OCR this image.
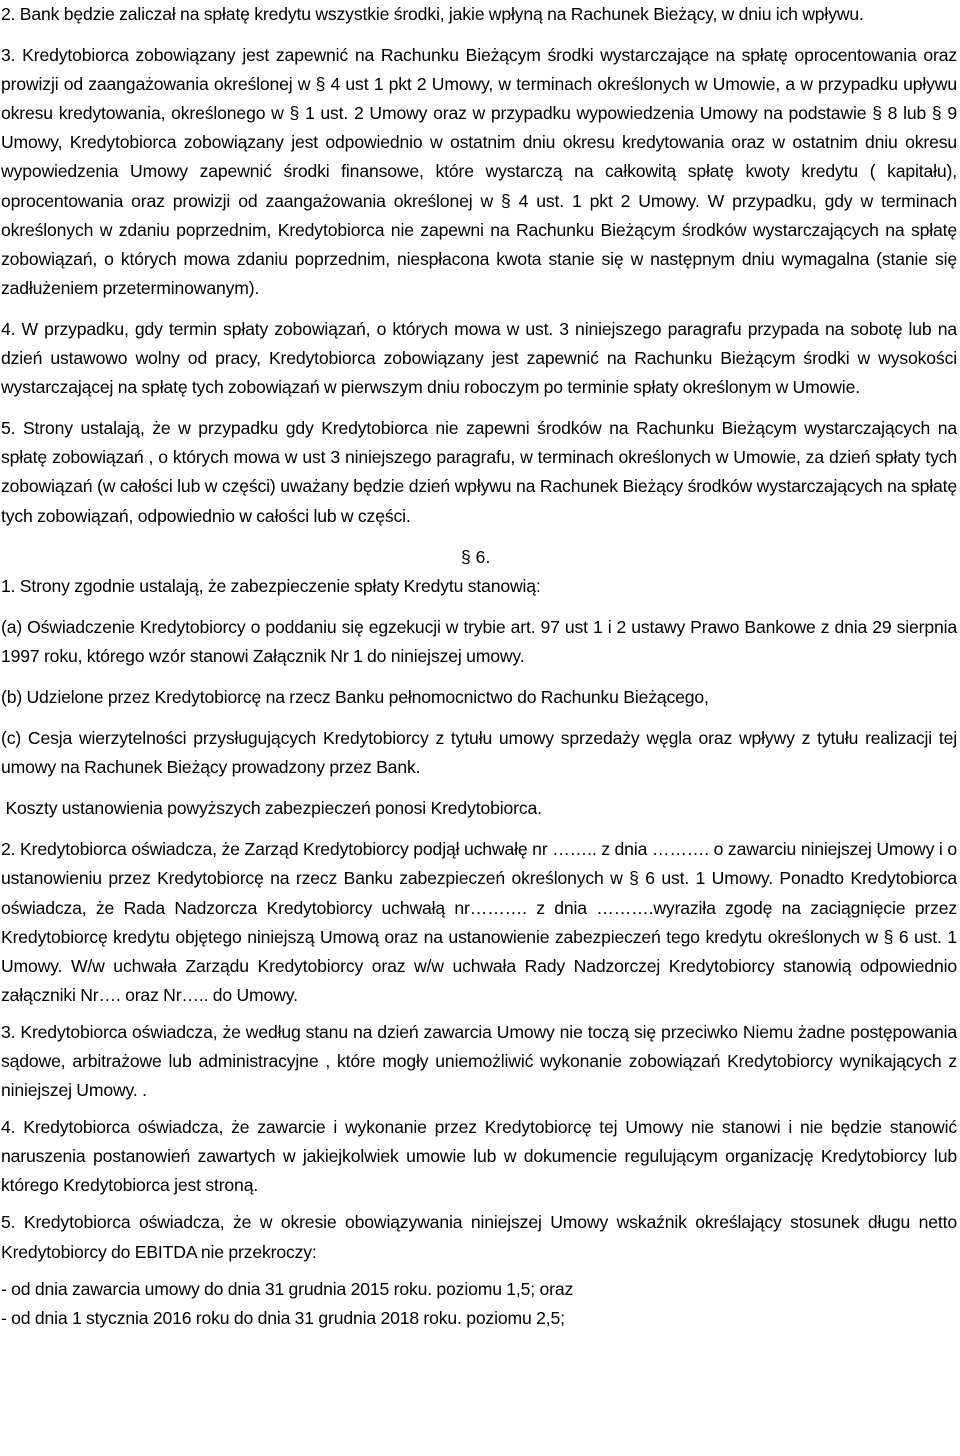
2. Bank będzie zaliczał na spłatę kredytu wszystkie środki, jakie wpłyną na Rachunek Bieżący, w dniu ich wpływu.

3. Kredytobiorca zobowiązany jest zapewnić na Rachunku Bieżącym środki wystarczające na spłatę oprocentowania oraz prowizji od zaangażowania określonej w § 4 ust 1 pkt 2 Umowy, w terminach określonych w Umowie, a w przypadku upływu okresu kredytowania, określonego w § 1 ust. 2 Umowy oraz w przypadku wypowiedzenia Umowy na podstawie § 8 lub § 9 Umowy, Kredytobiorca zobowiązany jest odpowiednio w ostatnim dniu okresu kredytowania oraz w ostatnim dniu okresu wypowiedzenia Umowy zapewnić środki finansowe, które wystarczą na całkowitą spłatę kwoty kredytu ( kapitału), oprocentowania oraz prowizji od zaangażowania określonej w § 4 ust. 1 pkt 2 Umowy. W przypadku, gdy w terminach określonych w zdaniu poprzednim, Kredytobiorca nie zapewni na Rachunku Bieżącym środków wystarczających na spłatę zobowiązań, o których mowa zdaniu poprzednim, niespłacona kwota stanie się w następnym dniu wymagalna (stanie się zadłużeniem przeterminowanym).

4. W przypadku, gdy termin spłaty zobowiązań, o których mowa w ust. 3 niniejszego paragrafu przypada na sobotę lub na dzień ustawowo wolny od pracy, Kredytobiorca zobowiązany jest zapewnić na Rachunku Bieżącym środki w wysokości wystarczającej na spłatę tych zobowiązań w pierwszym dniu roboczym po terminie spłaty określonym w Umowie.

5. Strony ustalają, że w przypadku gdy Kredytobiorca nie zapewni środków na Rachunku Bieżącym wystarczających na spłatę zobowiązań , o których mowa w ust 3 niniejszego paragrafu, w terminach określonych w Umowie, za dzień spłaty tych zobowiązań (w całości lub w części) uważany będzie dzień wpływu na Rachunek Bieżący środków wystarczających na spłatę tych zobowiązań, odpowiednio w całości lub w części.

§ 6.

1. Strony zgodnie ustalają, że zabezpieczenie spłaty Kredytu stanowią:

(a) Oświadczenie Kredytobiorcy o poddaniu się egzekucji w trybie art. 97 ust 1 i 2 ustawy Prawo Bankowe z dnia 29 sierpnia 1997 roku, którego wzór stanowi Załącznik Nr 1 do niniejszej umowy.

(b) Udzielone przez Kredytobiorcę na rzecz Banku pełnomocnictwo do Rachunku Bieżącego,

(c) Cesja wierzytelności przysługujących Kredytobiorcy z tytułu umowy sprzedaży węgla oraz wpływy z tytułu realizacji tej umowy na Rachunek Bieżący prowadzony przez Bank.

Koszty ustanowienia powyższych zabezpieczeń ponosi Kredytobiorca.

2. Kredytobiorca oświadcza, że Zarząd Kredytobiorcy podjął uchwałę nr …….. z dnia ………. o zawarciu niniejszej Umowy i o ustanowieniu przez Kredytobiorcę na rzecz Banku zabezpieczeń określonych w § 6 ust. 1 Umowy. Ponadto Kredytobiorca oświadcza, że Rada Nadzorcza Kredytobiorcy uchwałą nr………. z dnia ……….wyraziła zgodę na zaciągnięcie przez Kredytobiorcę kredytu objętego niniejszą Umową oraz na ustanowienie zabezpieczeń tego kredytu określonych w § 6 ust. 1 Umowy. W/w uchwała Zarządu Kredytobiorcy oraz w/w uchwała Rady Nadzorczej Kredytobiorcy stanowią odpowiednio załączniki Nr…. oraz Nr….. do Umowy.

3. Kredytobiorca oświadcza, że według stanu na dzień zawarcia Umowy nie toczą się przeciwko Niemu żadne postępowania sądowe, arbitrażowe lub administracyjne , które mogły uniemożliwić wykonanie zobowiązań Kredytobiorcy wynikających z niniejszej Umowy. .

4. Kredytobiorca oświadcza, że zawarcie i wykonanie przez Kredytobiorcę tej Umowy nie stanowi i nie będzie stanowić naruszenia postanowień zawartych w jakiejkolwiek umowie lub w dokumencie regulującym organizację Kredytobiorcy lub którego Kredytobiorca jest stroną.

5. Kredytobiorca oświadcza, że w okresie obowiązywania niniejszej Umowy wskaźnik określający stosunek długu netto Kredytobiorcy do EBITDA nie przekroczy:

- od dnia zawarcia umowy do dnia 31 grudnia 2015 roku. poziomu 1,5; oraz

- od dnia 1 stycznia 2016 roku do dnia 31 grudnia 2018 roku. poziomu 2,5;
